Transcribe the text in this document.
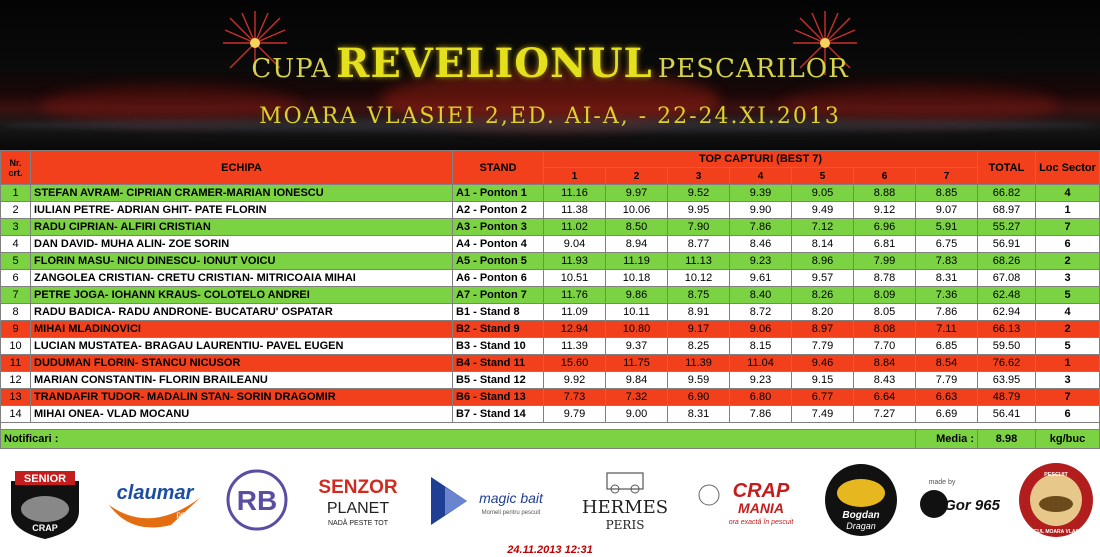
CUPA REVELIONUL PESCARILOR
MOARA VLASIEI 2,ED. AI-A, - 22-24.XI.2013
Nr. crt.	ECHIPA	STAND	TOP CAPTURI (BEST 7)							TOTAL	Loc Sector
			1	2	3	4	5	6	7		
1	STEFAN AVRAM- CIPRIAN CRAMER-MARIAN IONESCU	A1 - Ponton 1	11.16	9.97	9.52	9.39	9.05	8.88	8.85	66.82	4
2	IULIAN PETRE- ADRIAN GHIT- PATE FLORIN	A2 - Ponton 2	11.38	10.06	9.95	9.90	9.49	9.12	9.07	68.97	1
3	RADU CIPRIAN- ALFIRI CRISTIAN	A3 - Ponton 3	11.02	8.50	7.90	7.86	7.12	6.96	5.91	55.27	7
4	DAN DAVID- MUHA ALIN- ZOE SORIN	A4 - Ponton 4	9.04	8.94	8.77	8.46	8.14	6.81	6.75	56.91	6
5	FLORIN MASU- NICU DINESCU- IONUT VOICU	A5 - Ponton 5	11.93	11.19	11.13	9.23	8.96	7.99	7.83	68.26	2
6	ZANGOLEA CRISTIAN- CRETU CRISTIAN- MITRICOAIA MIHAI	A6 - Ponton 6	10.51	10.18	10.12	9.61	9.57	8.78	8.31	67.08	3
7	PETRE JOGA- IOHANN KRAUS- COLOTELO ANDREI	A7 - Ponton 7	11.76	9.86	8.75	8.40	8.26	8.09	7.36	62.48	5
8	RADU BADICA- RADU ANDRONE- BUCATARU' OSPATAR	B1 - Stand 8	11.09	10.11	8.91	8.72	8.20	8.05	7.86	62.94	4
9	MIHAI MLADINOVICI	B2 - Stand 9	12.94	10.80	9.17	9.06	8.97	8.08	7.11	66.13	2
10	LUCIAN MUSTATEA- BRAGAU LAURENTIU- PAVEL EUGEN	B3 - Stand 10	11.39	9.37	8.25	8.15	7.79	7.70	6.85	59.50	5
11	DUDUMAN FLORIN- STANCU NICUSOR	B4 - Stand 11	15.60	11.75	11.39	11.04	9.46	8.84	8.54	76.62	1
12	MARIAN CONSTANTIN- FLORIN BRAILEANU	B5 - Stand 12	9.92	9.84	9.59	9.23	9.15	8.43	7.79	63.95	3
13	TRANDAFIR TUDOR- MADALIN STAN- SORIN DRAGOMIR	B6 - Stand 13	7.73	7.32	6.90	6.80	6.77	6.64	6.63	48.79	7
14	MIHAI ONEA- VLAD MOCANU	B7 - Stand 14	9.79	9.00	8.31	7.86	7.49	7.27	6.69	56.41	6

Notificari :									Media :	8.98	kg/buc
SENIOR
CRAP
claumar
pesca RB SENZOR
PLANET
NADĂ PESTE TOT
magic bait
Momeli pentru pescuit HERMES
PERIS
CRAP
MANIA
ora exactă în pescuit
Bogdan
Dragan
made by
Gor 965
PESCUIT
LACUL MOARA VLASIEI
24.11.2013 12:31
